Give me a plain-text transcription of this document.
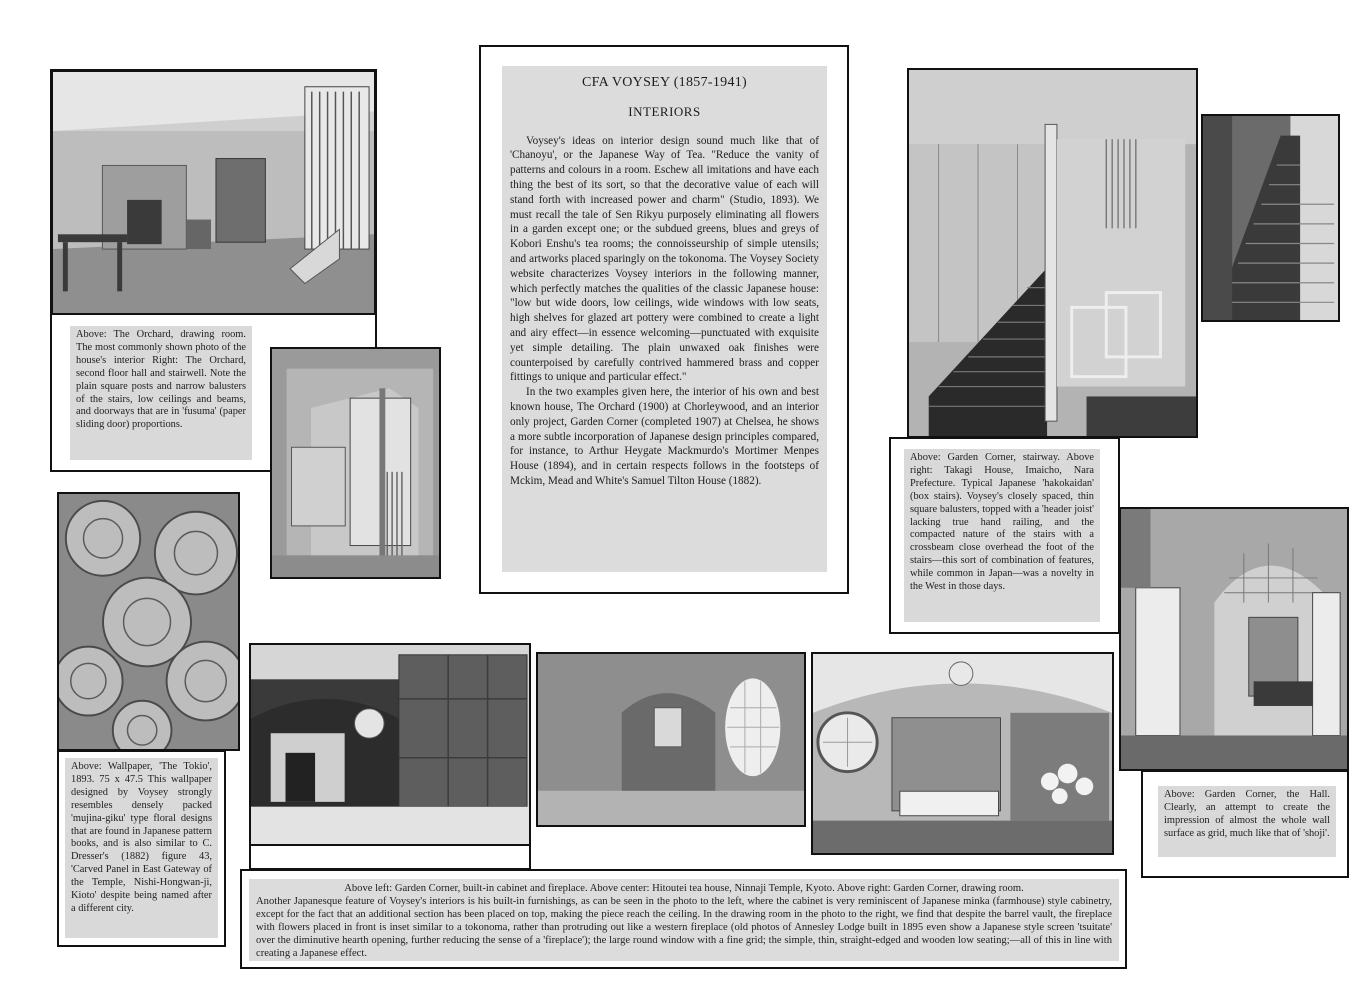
Above: The Orchard, drawing room. The most commonly shown photo of the house's interior Right: The Orchard, second floor hall and stairwell. Note the plain square posts and narrow balusters of the stairs, low ceilings and beams, and doorways that are in 'fusuma' (paper sliding door) proportions.

CFA VOYSEY (1857-1941)
INTERIORS

Voysey's ideas on interior design sound much like that of 'Chanoyu', or the Japanese Way of Tea. "Reduce the vanity of patterns and colours in a room. Eschew all imitations and have each thing the best of its sort, so that the decorative value of each will stand forth with increased power and charm" (Studio, 1893). We must recall the tale of Sen Rikyu purposely eliminating all flowers in a garden except one; or the subdued greens, blues and greys of Kobori Enshu's tea rooms; the connoisseurship of simple utensils; and artworks placed sparingly on the tokonoma. The Voysey Society website characterizes Voysey interiors in the following manner, which perfectly matches the qualities of the classic Japanese house: "low but wide doors, low ceilings, wide windows with low seats, high shelves for glazed art pottery were combined to create a light and airy effect—in essence welcoming—punctuated with exquisite yet simple detailing. The plain unwaxed oak finishes were counterpoised by carefully contrived hammered brass and copper fittings to unique and particular effect."

In the two examples given here, the interior of his own and best known house, The Orchard (1900) at Chorleywood, and an interior only project, Garden Corner (completed 1907) at Chelsea, he shows a more subtle incorporation of Japanese design principles compared, for instance, to Arthur Heygate Mackmurdo's Mortimer Menpes House (1894), and in certain respects follows in the footsteps of Mckim, Mead and White's Samuel Tilton House (1882).

Above: Garden Corner, stairway. Above right: Takagi House, Imaicho, Nara Prefecture. Typical Japanese 'hakokaidan' (box stairs). Voysey's closely spaced, thin square balusters, topped with a 'header joist' lacking true hand railing, and the compacted nature of the stairs with a crossbeam close overhead the foot of the stairs—this sort of combination of features, while common in Japan—was a novelty in the West in those days.

Above: Wallpaper, 'The Tokio', 1893. 75 x 47.5 This wallpaper designed by Voysey strongly resembles densely packed 'mujina-giku' type floral designs that are found in Japanese pattern books, and is also similar to C. Dresser's (1882) figure 43, 'Carved Panel in East Gateway of the Temple, Nishi-Hongwan-ji, Kioto' despite being named after a different city.

Above: Garden Corner, the Hall. Clearly, an attempt to create the impression of almost the whole wall surface as grid, much like that of 'shoji'.

Above left: Garden Corner, built-in cabinet and fireplace. Above center: Hitoutei tea house, Ninnaji Temple, Kyoto. Above right: Garden Corner, drawing room.

Another Japanesque feature of Voysey's interiors is his built-in furnishings, as can be seen in the photo to the left, where the cabinet is very reminiscent of Japanese minka (farmhouse) style cabinetry, except for the fact that an additional section has been placed on top, making the piece reach the ceiling. In the drawing room in the photo to the right, we find that despite the barrel vault, the fireplace with flowers placed in front is inset similar to a tokonoma, rather than protruding out like a western fireplace (old photos of Annesley Lodge built in 1895 even show a Japanese style screen 'tsuitate' over the diminutive hearth opening, further reducing the sense of a 'fireplace'); the large round window with a fine grid; the simple, thin, straight-edged and wooden low seating;—all of this in line with creating a Japanese effect.
